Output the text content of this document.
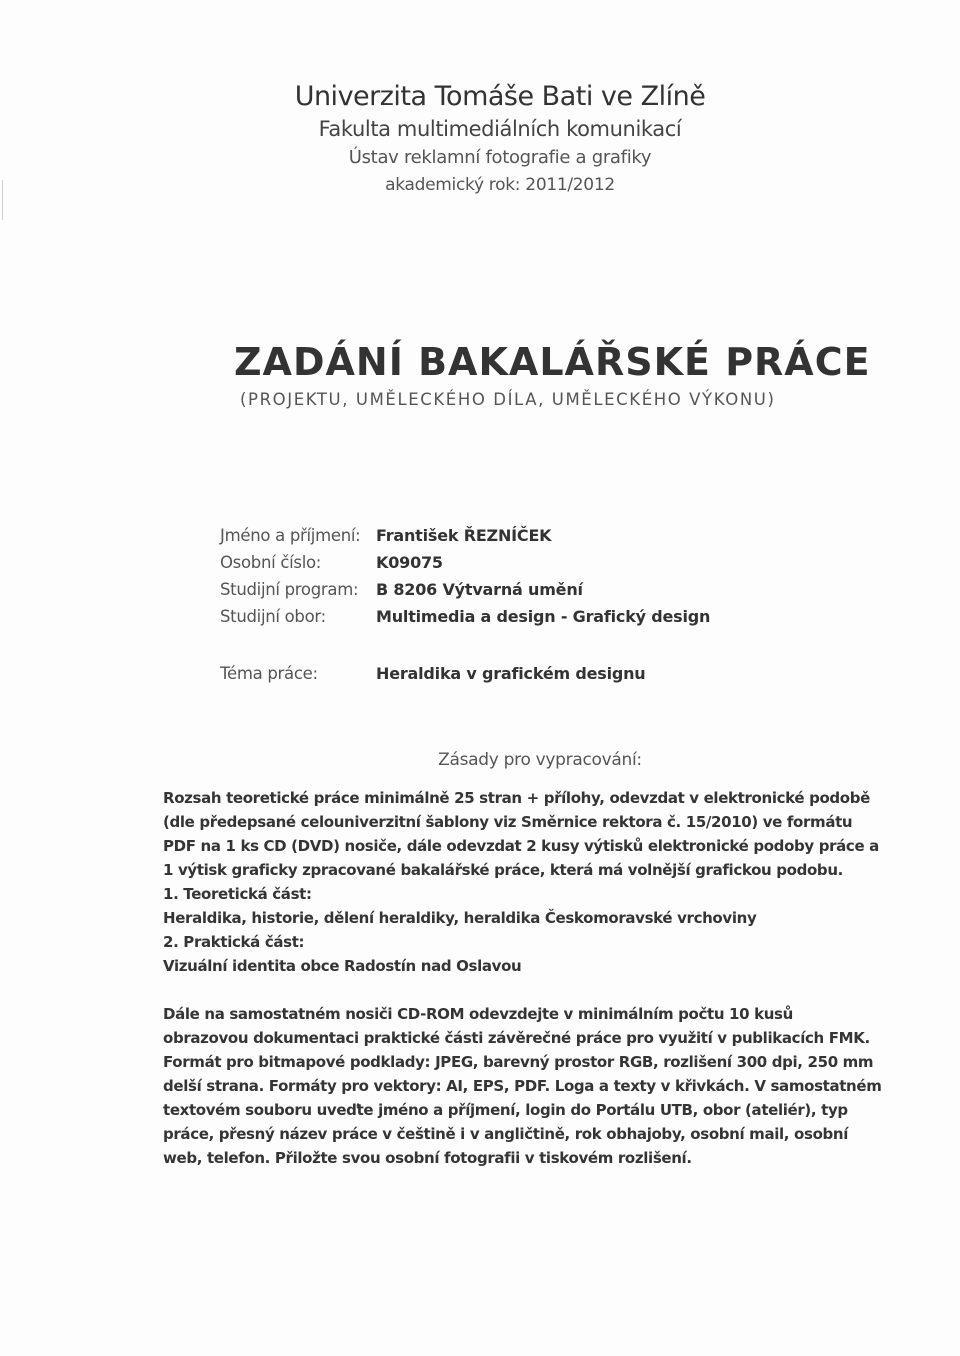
Univerzita Tomáše Bati ve Zlíně
Fakulta multimediálních komunikací
Ústav reklamní fotografie a grafiky
akademický rok: 2011/2012
ZADÁNÍ BAKALÁŘSKÉ PRÁCE
(PROJEKTU, UMĚLECKÉHO DÍLA, UMĚLECKÉHO VÝKONU)
Jméno a příjmení: František ŘEZNÍČEK
Osobní číslo:	K09075
Studijní program: B 8206 Výtvarná umění
Studijní obor:	Multimedia a design - Grafický design
Téma práce:	Heraldika v grafickém designu
Zásady pro vypracování:
Rozsah teoretické práce minimálně 25 stran + přílohy, odevzdat v elektronické podobě
(dle předepsané celouniverzitní šablony viz Směrnice rektora č. 15/2010) ve formátu
PDF na 1 ks CD (DVD) nosiče, dále odevzdat 2 kusy výtisků elektronické podoby práce a
1 výtisk graficky zpracované bakalářské práce, která má volnější grafickou podobu.
1. Teoretická část:
Heraldika, historie, dělení heraldiky, heraldika Českomoravské vrchoviny
2. Praktická část:
Vizuální identita obce Radostín nad Oslavou
Dále na samostatném nosiči CD-ROM odevzdejte v minimálním počtu 10 kusů
obrazovou dokumentaci praktické části závěrečné práce pro využití v publikacích FMK.
Formát pro bitmapové podklady: JPEG, barevný prostor RGB, rozlišení 300 dpi, 250 mm
delší strana. Formáty pro vektory: AI, EPS, PDF. Loga a texty v křivkách. V samostatném
textovém souboru uveďte jméno a příjmení, login do Portálu UTB, obor (ateliér), typ
práce, přesný název práce v češtině i v angličtině, rok obhajoby, osobní mail, osobní
web, telefon. Přiložte svou osobní fotografii v tiskovém rozlišení.
